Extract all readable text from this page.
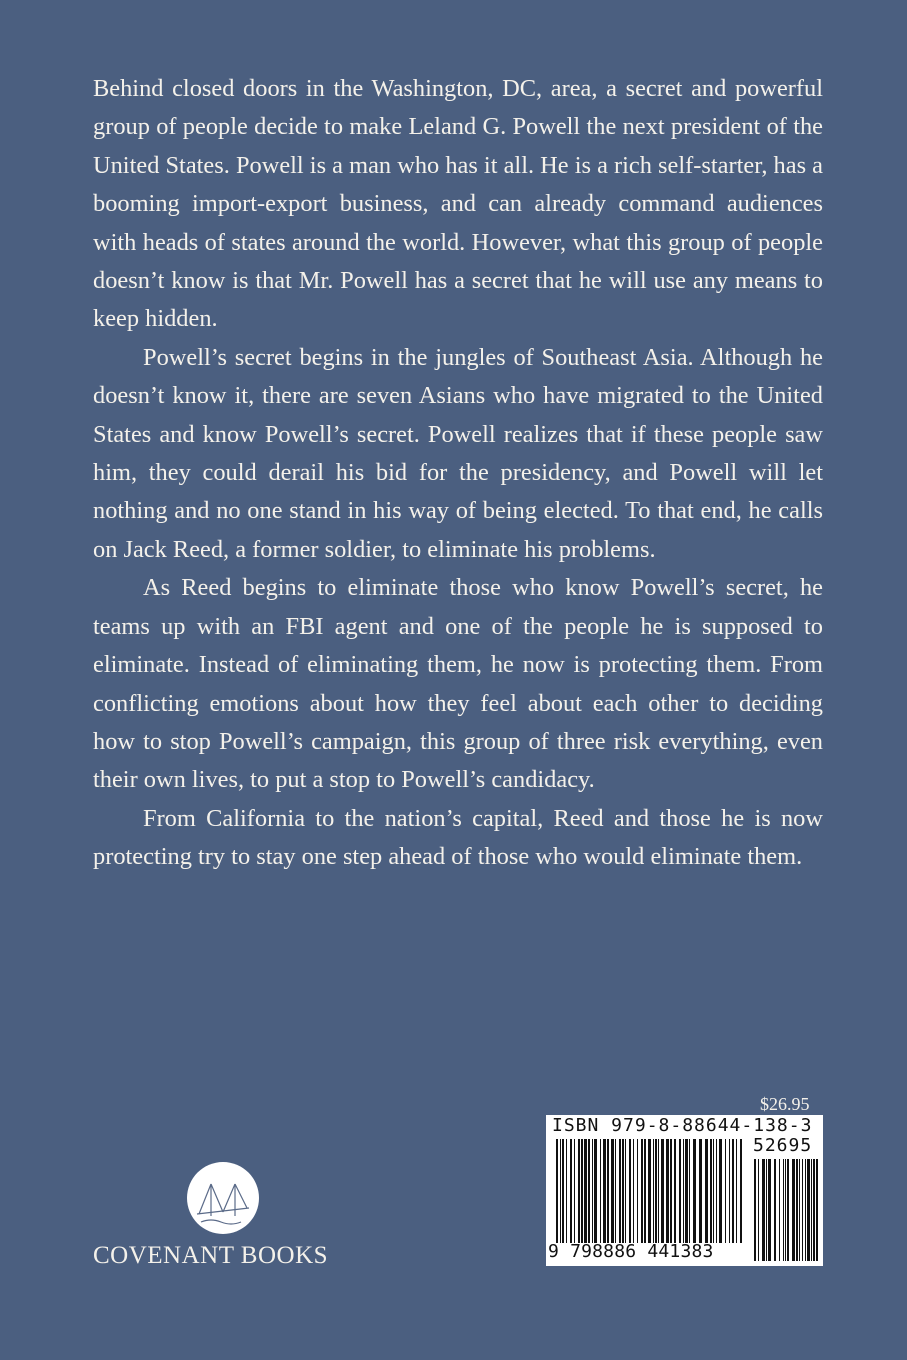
Behind closed doors in the Washington, DC, area, a secret and powerful group of people decide to make Leland G. Powell the next president of the United States. Powell is a man who has it all. He is a rich self-starter, has a booming import-export business, and can already command audiences with heads of states around the world. However, what this group of people doesn’t know is that Mr. Powell has a secret that he will use any means to keep hidden.

Powell’s secret begins in the jungles of Southeast Asia. Although he doesn’t know it, there are seven Asians who have migrated to the United States and know Powell’s secret. Powell realizes that if these people saw him, they could derail his bid for the presidency, and Powell will let nothing and no one stand in his way of being elected. To that end, he calls on Jack Reed, a former soldier, to eliminate his problems.

As Reed begins to eliminate those who know Powell’s secret, he teams up with an FBI agent and one of the people he is supposed to eliminate. Instead of eliminating them, he now is protecting them. From conflicting emotions about how they feel about each other to deciding how to stop Powell’s campaign, this group of three risk everything, even their own lives, to put a stop to Powell’s candidacy.

From California to the nation’s capital, Reed and those he is now protecting try to stay one step ahead of those who would eliminate them.

$26.95
ISBN 979-8-88644-138-3
52695
9 798886 441383
COVENANT BOOKS
